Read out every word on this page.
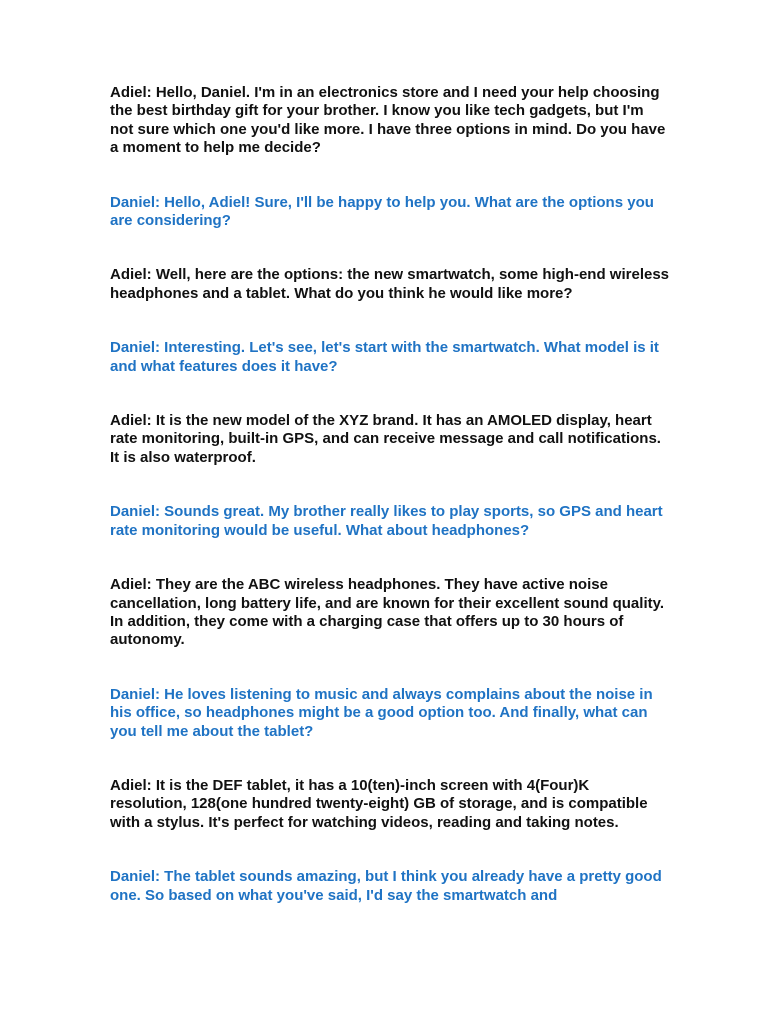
Adiel: Hello, Daniel. I'm in an electronics store and I need your help choosing the best birthday gift for your brother. I know you like tech gadgets, but I'm not sure which one you'd like more. I have three options in mind. Do you have a moment to help me decide?

Daniel: Hello, Adiel! Sure, I'll be happy to help you. What are the options you are considering?

Adiel: Well, here are the options: the new smartwatch, some high-end wireless headphones and a tablet. What do you think he would like more?

Daniel: Interesting. Let's see, let's start with the smartwatch. What model is it and what features does it have?

Adiel: It is the new model of the XYZ brand. It has an AMOLED display, heart rate monitoring, built-in GPS, and can receive message and call notifications. It is also waterproof.

Daniel: Sounds great. My brother really likes to play sports, so GPS and heart rate monitoring would be useful. What about headphones?

Adiel: They are the ABC wireless headphones. They have active noise cancellation, long battery life, and are known for their excellent sound quality. In addition, they come with a charging case that offers up to 30 hours of autonomy.

Daniel: He loves listening to music and always complains about the noise in his office, so headphones might be a good option too. And finally, what can you tell me about the tablet?

Adiel: It is the DEF tablet, it has a 10(ten)-inch screen with 4(Four)K resolution, 128(one hundred twenty-eight) GB of storage, and is compatible with a stylus. It's perfect for watching videos, reading and taking notes.

Daniel: The tablet sounds amazing, but I think you already have a pretty good one. So based on what you've said, I'd say the smartwatch and
